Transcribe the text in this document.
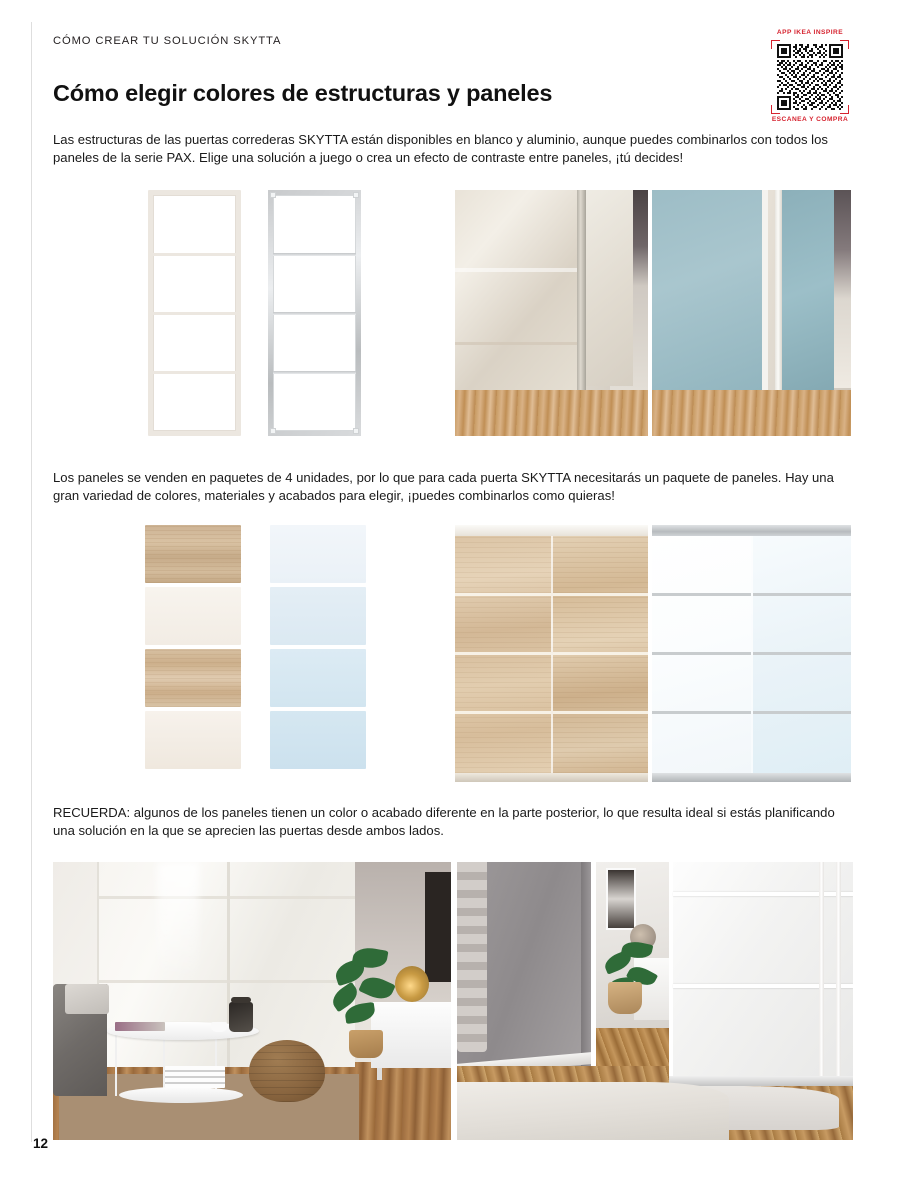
CÓMO CREAR TU SOLUCIÓN SKYTTA
APP IKEA INSPIRE
ESCANEA Y COMPRA
Cómo elegir colores de estructuras y paneles

Las estructuras de las puertas correderas SKYTTA están disponibles en blanco y aluminio, aunque puedes combinarlos con todos los paneles de la serie PAX. Elige una solución a juego o crea un efecto de contraste entre paneles, ¡tú decides!

Los paneles se venden en paquetes de 4 unidades, por lo que para cada puerta SKYTTA necesitarás un paquete de paneles. Hay una gran variedad de colores, materiales y acabados para elegir, ¡puedes combinarlos como quieras!

RECUERDA: algunos de los paneles tienen un color o acabado diferente en la parte posterior, lo que resulta ideal si estás planificando una solución en la que se aprecien las puertas desde ambos lados.

12
